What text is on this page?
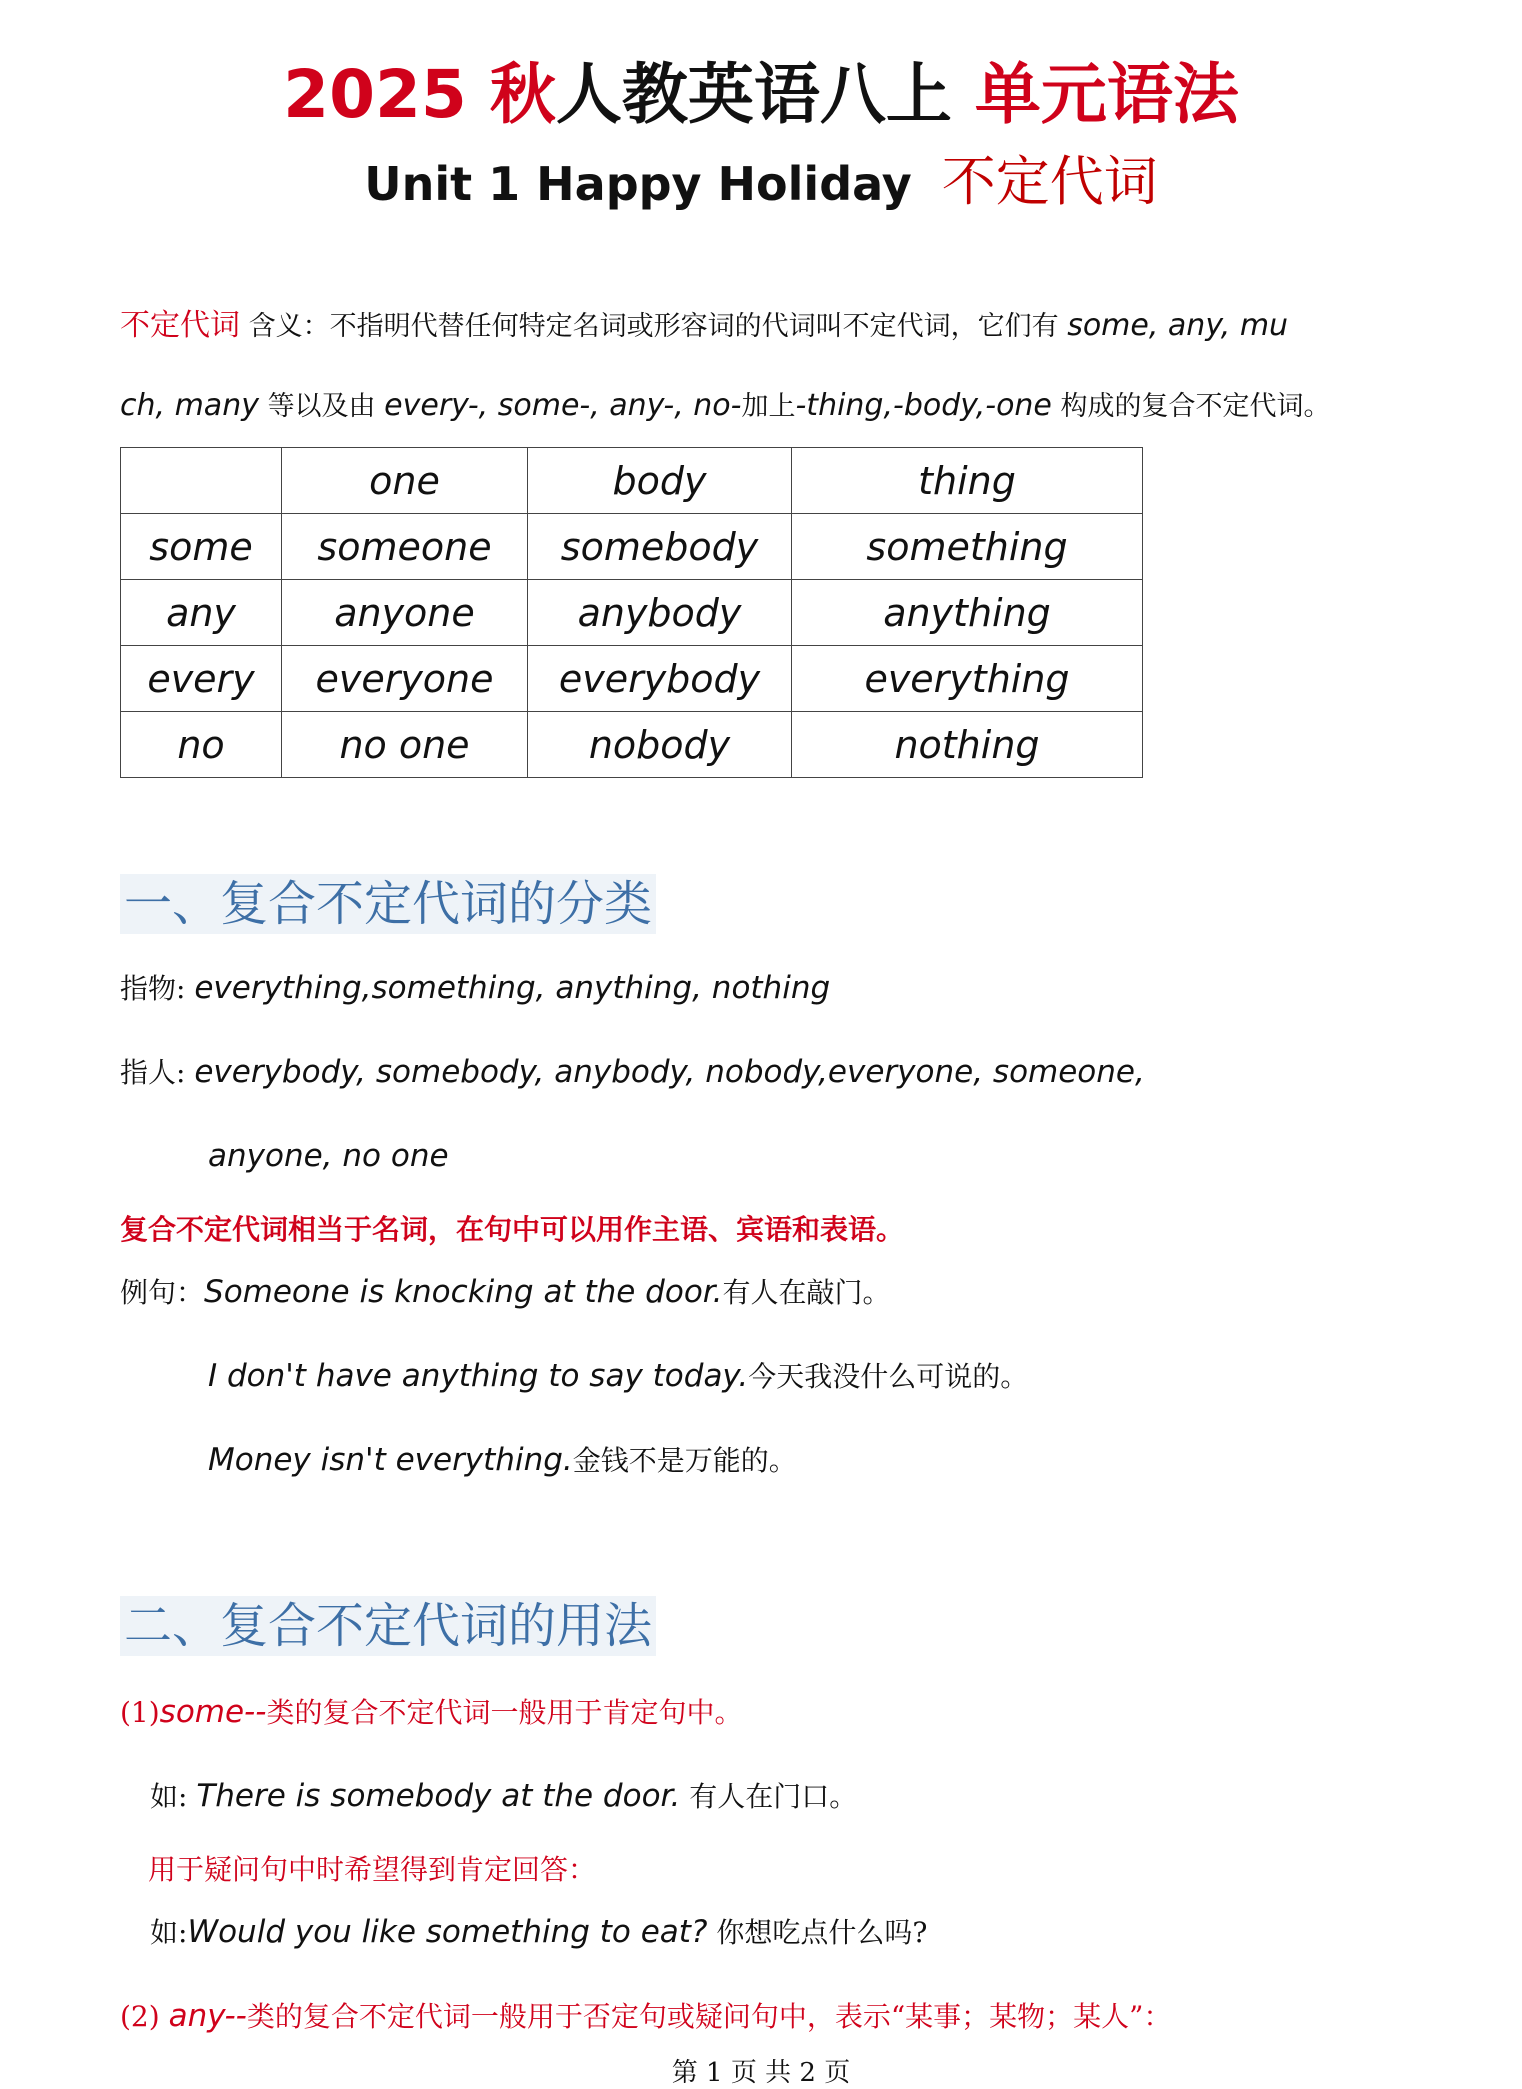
2025 秋人教英语八上 单元语法
Unit 1 Happy Holiday 不定代词
不定代词 含义：不指明代替任何特定名词或形容词的代词叫不定代词，它们有 some, any, mu
ch, many 等以及由 every-, some-, any-, no-加上-thing,-body,-one 构成的复合不定代词。
	one	body	thing
some	someone	somebody	something
any	anyone	anybody	anything
every	everyone	everybody	everything
no	no one	nobody	nothing
一、复合不定代词的分类
指物: everything,something, anything, nothing
指人: everybody, somebody, anybody, nobody,everyone, someone,
anyone, no one
复合不定代词相当于名词，在句中可以用作主语、宾语和表语。
例句：Someone is knocking at the door.有人在敲门。
I don't have anything to say today.今天我没什么可说的。
Money isn't everything.金钱不是万能的。
二、复合不定代词的用法
(1)some--类的复合不定代词一般用于肯定句中。
如: There is somebody at the door. 有人在门口。
用于疑问句中时希望得到肯定回答：
如:Would you like something to eat? 你想吃点什么吗?
(2) any--类的复合不定代词一般用于否定句或疑问句中，表示“某事；某物；某人”：
第 1 页 共 2 页
